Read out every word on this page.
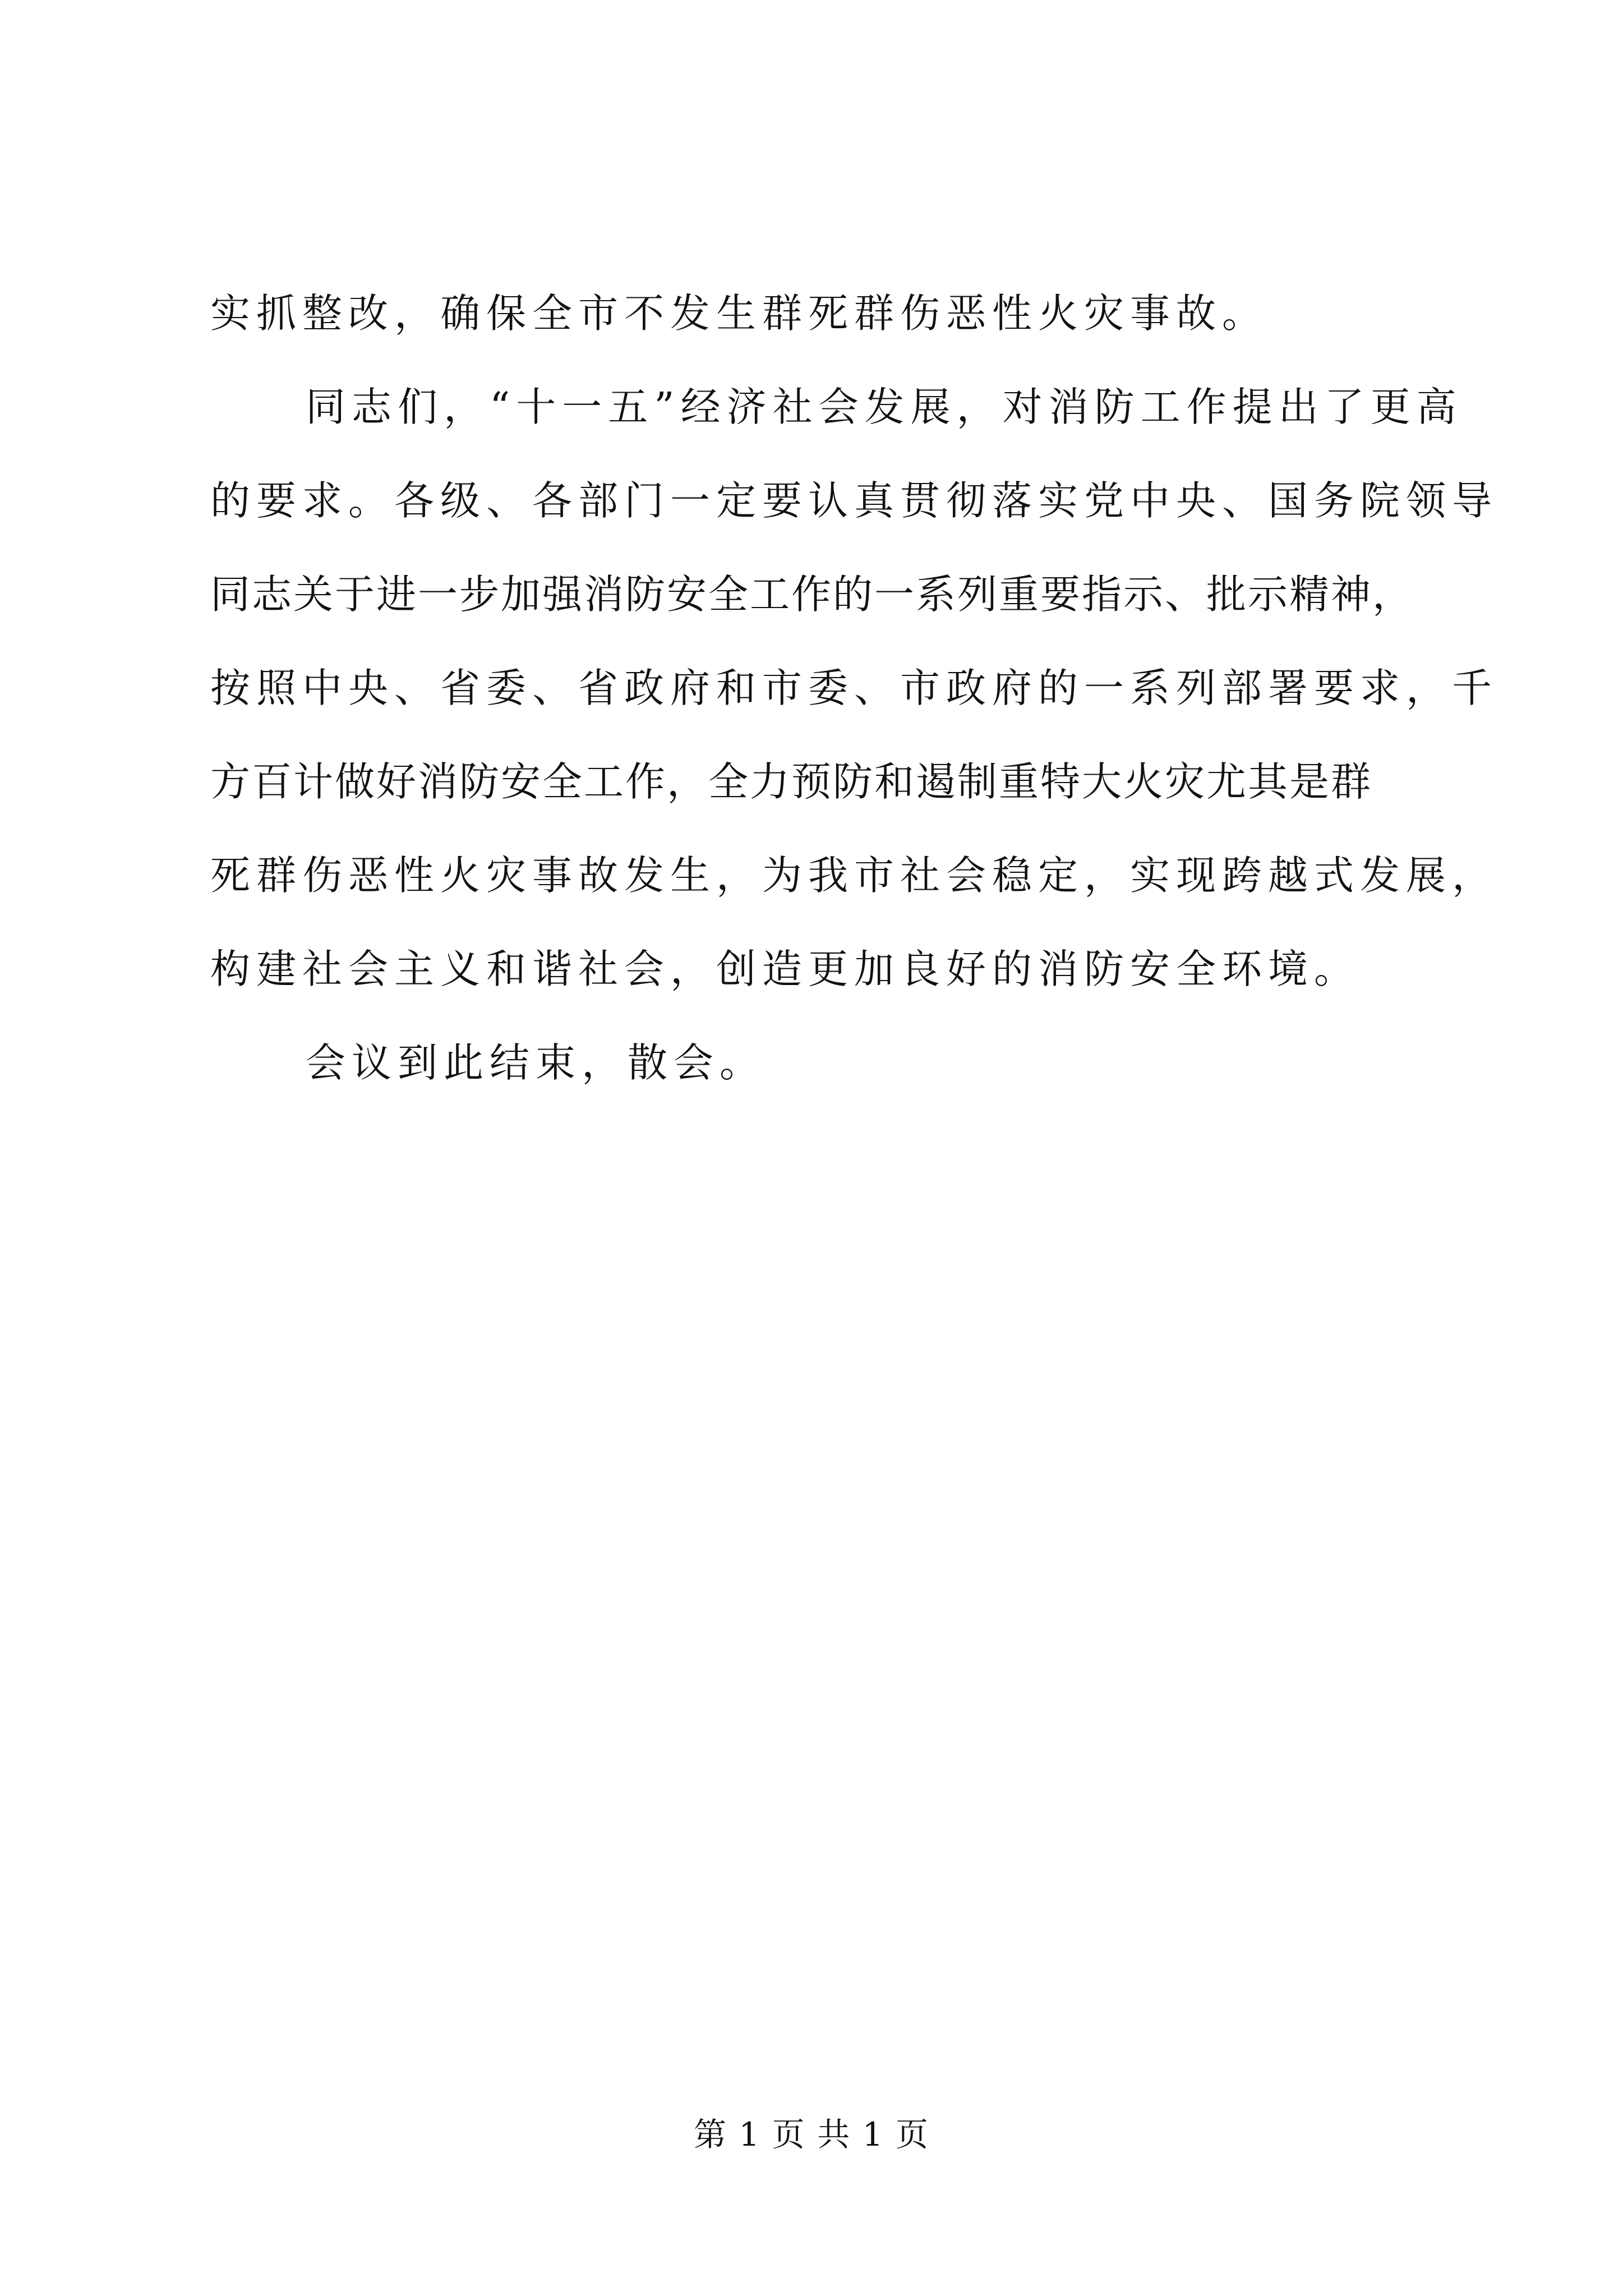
实抓整改，确保全市不发生群死群伤恶性火灾事故。
同志们，“十一五”经济社会发展，对消防工作提出了更高
的要求。各级、各部门一定要认真贯彻落实党中央、国务院领导
同志关于进一步加强消防安全工作的一系列重要指示、批示精神，
按照中央、省委、省政府和市委、市政府的一系列部署要求，千
方百计做好消防安全工作，全力预防和遏制重特大火灾尤其是群
死群伤恶性火灾事故发生，为我市社会稳定，实现跨越式发展，
构建社会主义和谐社会，创造更加良好的消防安全环境。
会议到此结束，散会。
第 1 页 共 1 页
